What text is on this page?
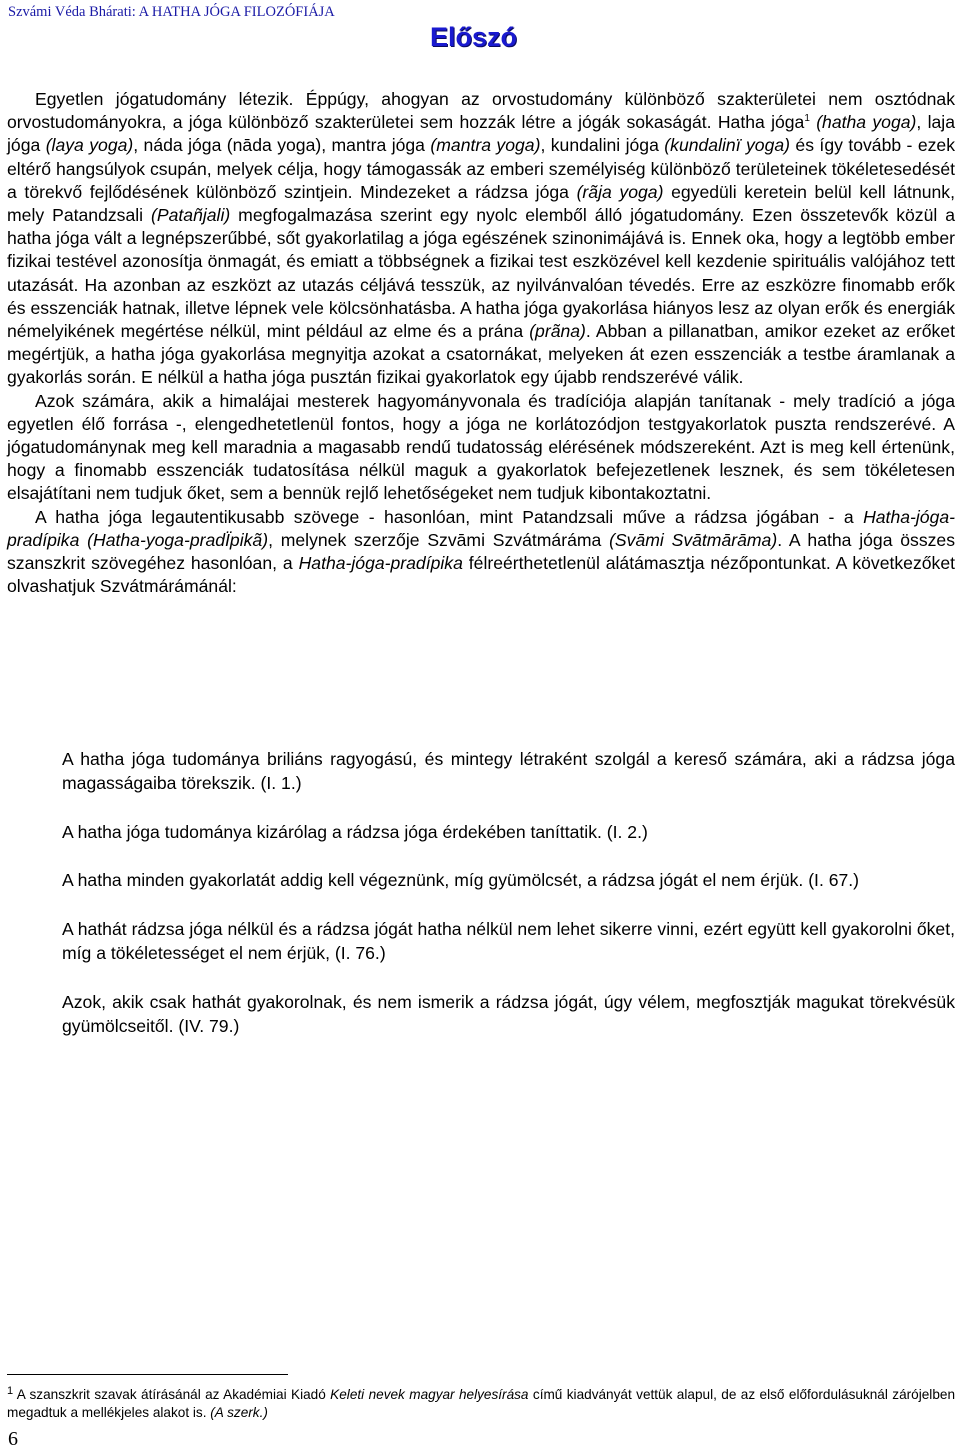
Szvámi Véda Bhárati: A HATHA JÓGA FILOZÓFIÁJA
Előszó

Egyetlen jógatudomány létezik. Éppúgy, ahogyan az orvostudomány különböző szakterületei nem osztódnak orvostudományokra, a jóga különböző szakterületei sem hozzák létre a jógák sokaságát. Hatha jóga$^1$ (hatha yoga), laja jóga (laya yoga), náda jóga (nāda yoga), mantra jóga (mantra yoga), kundalini jóga (kundalinï yoga) és így tovább - ezek eltérő hangsúlyok csupán, melyek célja, hogy támogassák az emberi személyiség különböző területeinek tökéletesedését a törekvő fejlődésének különböző szintjein. Mindezeket a rádzsa jóga (rãja yoga) egyedüli keretein belül kell látnunk, mely Patandzsali (Patañjali) megfogalmazása szerint egy nyolc elemből álló jógatudomány. Ezen összetevők közül a hatha jóga vált a legnépszerűbbé, sőt gyakorlatilag a jóga egészének szinonimájává is. Ennek oka, hogy a legtöbb ember fizikai testével azonosítja önmagát, és emiatt a többségnek a fizikai test eszközével kell kezdenie spirituális valójához tett utazását. Ha azonban az eszközt az utazás céljává tesszük, az nyilvánvalóan tévedés. Erre az eszközre finomabb erők és esszenciák hatnak, illetve lépnek vele kölcsönhatásba. A hatha jóga gyakorlása hiányos lesz az olyan erők és energiák némelyikének megértése nélkül, mint például az elme és a prána (prãna). Abban a pillanatban, amikor ezeket az erőket megértjük, a hatha jóga gyakorlása megnyitja azokat a csatornákat, melyeken át ezen esszenciák a testbe áramlanak a gyakorlás során. E nélkül a hatha jóga pusztán fizikai gyakorlatok egy újabb rendszerévé válik.

Azok számára, akik a himalájai mesterek hagyományvonala és tradíciója alapján tanítanak - mely tradíció a jóga egyetlen élő forrása -, elengedhetetlenül fontos, hogy a jóga ne korlátozódjon testgyakorlatok puszta rendszerévé. A jógatudománynak meg kell maradnia a magasabb rendű tudatosság elérésének módszereként. Azt is meg kell értenünk, hogy a finomabb esszenciák tudatosítása nélkül maguk a gyakorlatok befejezetlenek lesznek, és sem tökéletesen elsajátítani nem tudjuk őket, sem a bennük rejlő lehetőségeket nem tudjuk kibontakoztatni.

A hatha jóga legautentikusabb szövege - hasonlóan, mint Patandzsali műve a rádzsa jógában - a Hatha-jóga-pradípika (Hatha-yoga-pradÏpikã), melynek szerzője Szvāmi Szvátmáráma (Svāmi Svātmārāma). A hatha jóga összes szanszkrit szövegéhez hasonlóan, a Hatha-jóga-pradípika félreérthetetlenül alátámasztja nézőpontunkat. A következőket olvashatjuk Szvátmárámánál:

A hatha jóga tudománya briliáns ragyogású, és mintegy létraként szolgál a kereső számára, aki a rádzsa jóga magasságaiba törekszik. (I. 1.)

A hatha jóga tudománya kizárólag a rádzsa jóga érdekében taníttatik. (I. 2.)

A hatha minden gyakorlatát addig kell végeznünk, míg gyümölcsét, a rádzsa jógát el nem érjük. (I. 67.)

A hathát rádzsa jóga nélkül és a rádzsa jógát hatha nélkül nem lehet sikerre vinni, ezért együtt kell gyakorolni őket, míg a tökéletességet el nem érjük, (I. 76.)

Azok, akik csak hathát gyakorolnak, és nem ismerik a rádzsa jógát, úgy vélem, megfosztják magukat törekvésük gyümölcseitől. (IV. 79.)

$^1$ A szanszkrit szavak átírásánál az Akadémiai Kiadó Keleti nevek magyar helyesírása című kiadványát vettük alapul, de az első előfordulásuknál zárójelben megadtuk a mellékjeles alakot is. (A szerk.)
6
